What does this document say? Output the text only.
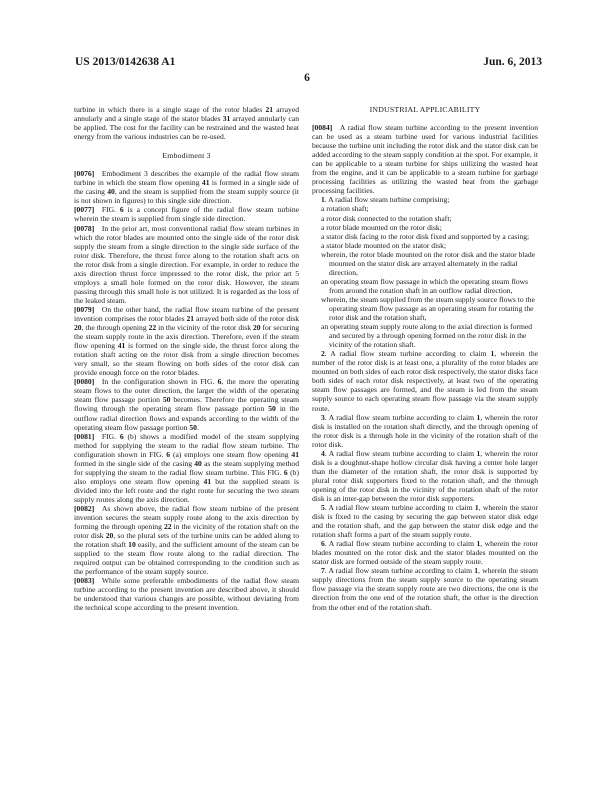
US 2013/0142638 A1	Jun. 6, 2013
6

turbine in which there is a single stage of the rotor blades 21 arrayed annularly and a single stage of the stator blades 31 arrayed annularly can be applied. The cost for the facility can be restrained and the wasted heat energy from the various industries can be re-used.

Embodiment 3

[0076] Embodiment 3 describes the example of the radial flow steam turbine in which the steam flow opening 41 is formed in a single side of the casing 40, and the steam is supplied from the steam supply source (it is not shown in figures) to this single side direction.

[0077] FIG. 6 is a concept figure of the radial flow steam turbine wherein the steam is supplied from single side direction.

[0078] In the prior art, most conventional radial flow steam turbines in which the rotor blades are mounted onto the single side of the rotor disk supply the steam from a single direction to the single side surface of the rotor disk. Therefore, the thrust force along to the rotation shaft acts on the rotor disk from a single direction. For example, in order to reduce the axis direction thrust force impressed to the rotor disk, the prior art 5 employs a small hole formed on the rotor disk. However, the steam passing through this small hole is not utilized. It is regarded as the loss of the leaked steam.

[0079] On the other hand, the radial flow steam turbine of the present invention comprises the rotor blades 21 arrayed both side of the rotor disk 20, the through opening 22 in the vicinity of the rotor disk 20 for securing the steam supply route in the axis direction. Therefore, even if the steam flow opening 41 is formed on the single side, the thrust force along the rotation shaft acting on the rotor disk from a single direction becomes very small, so the steam flowing on both sides of the rotor disk can provide enough force on the rotor blades.

[0080] In the configuration shown in FIG. 6, the more the operating steam flows to the outer direction, the larger the width of the operating steam flow passage portion 50 becomes. Therefore the operating steam flowing through the operating steam flow passage portion 50 in the outflow radial direction flows and expands according to the width of the operating steam flow passage portion 50.

[0081] FIG. 6 (b) shows a modified model of the steam supplying method for supplying the steam to the radial flow steam turbine. The configuration shown in FIG. 6 (a) employs one steam flow opening 41 formed in the single side of the casing 40 as the steam supplying method for supplying the steam to the radial flow steam turbine. This FIG. 6 (b) also employs one steam flow opening 41 but the supplied steam is divided into the left route and the right route for securing the two steam supply routes along the axis direction.

[0082] As shown above, the radial flow steam turbine of the present invention secures the steam supply route along to the axis direction by forming the through opening 22 in the vicinity of the rotation shaft on the rotor disk 20, so the plural sets of the turbine units can be added along to the rotation shaft 10 easily, and the sufficient amount of the steam can be supplied to the steam flow route along to the radial direction. The required output can be obtained corresponding to the condition such as the performance of the steam supply source.

[0083] While some preferable embodiments of the radial flow steam turbine according to the present invention are described above, it should be understood that various changes are possible, without deviating from the technical scope according to the present invention.

INDUSTRIAL APPLICABILITY

[0084] A radial flow steam turbine according to the present invention can be used as a steam turbine used for various industrial facilities because the turbine unit including the rotor disk and the stator disk can be added according to the steam supply condition at the spot. For example, it can be applicable to a steam turbine for ships utilizing the wasted heat from the engine, and it can be applicable to a steam turbine for garbage processing facilities as utilizing the wasted heat from the garbage processing facilities.

1. A radial flow steam turbine comprising;

a rotation shaft;

a rotor disk connected to the rotation shaft;

a rotor blade mounted on the rotor disk;

a stator disk facing to the rotor disk fixed and supported by a casing;

a stator blade mounted on the stator disk;

wherein, the rotor blade mounted on the rotor disk and the stator blade mounted on the stator disk are arrayed alternately in the radial direction,

an operating steam flow passage in which the operating steam flows from around the rotation shaft in an outflow radial direction,

wherein, the steam supplied from the steam supply source flows to the operating steam flow passage as an operating steam for rotating the rotor disk and the rotation shaft,

an operating steam supply route along to the axial direction is formed and secured by a through opening formed on the rotor disk in the vicinity of the rotation shaft.

2. A radial flow steam turbine according to claim 1, wherein the number of the rotor disk is at least one, a plurality of the rotor blades are mounted on both sides of each rotor disk respectively, the stator disks face both sides of each rotor disk respectively, at least two of the operating steam flow passages are formed, and the steam is led from the steam supply source to each operating steam flow passage via the steam supply route.

3. A radial flow steam turbine according to claim 1, wherein the rotor disk is installed on the rotation shaft directly, and the through opening of the rotor disk is a through hole in the vicinity of the rotation shaft of the rotor disk.

4. A radial flow steam turbine according to claim 1, wherein the rotor disk is a doughnut-shape hollow circular disk having a center hole larger than the diameter of the rotation shaft, the rotor disk is supported by plural rotor disk supporters fixed to the rotation shaft, and the through opening of the rotor disk in the vicinity of the rotation shaft of the rotor disk is an inter-gap between the rotor disk supporters.

5. A radial flow steam turbine according to claim 1, wherein the stator disk is fixed to the casing by securing the gap between stator disk edge and the rotation shaft, and the gap between the stator disk edge and the rotation shaft forms a part of the steam supply route.

6. A radial flow steam turbine according to claim 1, wherein the rotor blades mounted on the rotor disk and the stator blades mounted on the stator disk are formed outside of the steam supply route.

7. A radial flow steam turbine according to claim 1, wherein the steam supply directions from the steam supply source to the operating steam flow passage via the steam supply route are two directions, the one is the direction from the one end of the rotation shaft, the other is the direction from the other end of the rotation shaft.
